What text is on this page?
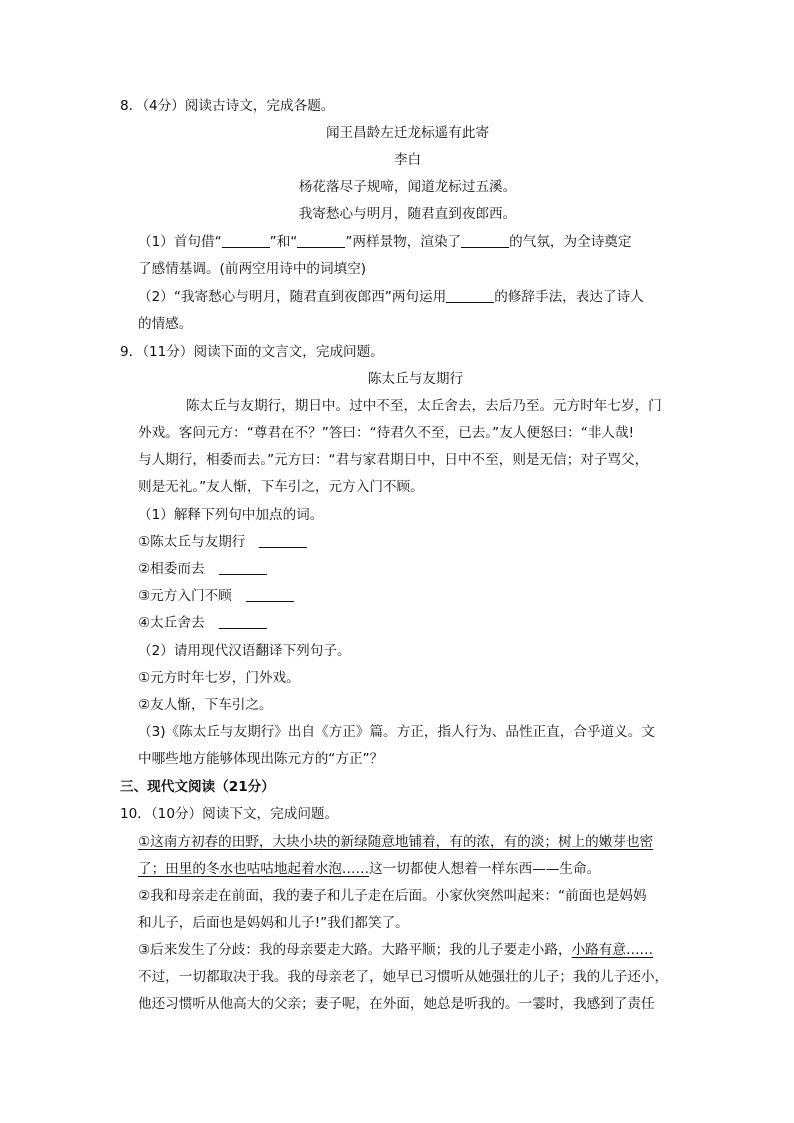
8．（4分）阅读古诗文，完成各题。
闻王昌龄左迁龙标遥有此寄
李白
杨花落尽子规啼，闻道龙标过五溪。
我寄愁心与明月，随君直到夜郎西。
（1）首句借“	”和“	”两样景物，渲染了	的气氛，为全诗奠定
了感情基调。(前两空用诗中的词填空)
（2）“我寄愁心与明月，随君直到夜郎西”两句运用	的修辞手法，表达了诗人
的情感。
9．（11分）阅读下面的文言文，完成问题。
陈太丘与友期行
陈太丘与友期行，期日中。过中不至，太丘舍去，去后乃至。元方时年七岁，门
外戏。客问元方：“尊君在不？”答曰：“待君久不至，已去。”友人便怒曰：“非人哉!
与人期行，相委而去。”元方曰：“君与家君期日中，日中不至，则是无信；对子骂父，
则是无礼。”友人惭，下车引之，元方入门不顾。
（1）解释下列句中加点的词。
①陈太丘与友期行
②相委而去
③元方入门不顾
④太丘舍去
（2）请用现代汉语翻译下列句子。
①元方时年七岁，门外戏。
②友人惭，下车引之。
（3)《陈太丘与友期行》出自《方正》篇。方正，指人行为、品性正直，合乎道义。文
中哪些地方能够体现出陈元方的“方正”？
三、现代文阅读（21分）
10．（10分）阅读下文，完成问题。
①这南方初春的田野，大块小块的新绿随意地铺着，有的浓，有的淡；树上的嫩芽也密
了；田里的冬水也咕咕地起着水泡……这一切都使人想着一样东西——生命。
②我和母亲走在前面，我的妻子和儿子走在后面。小家伙突然叫起来：“前面也是妈妈
和儿子，后面也是妈妈和儿子!”我们都笑了。
③后来发生了分歧：我的母亲要走大路。大路平顺；我的儿子要走小路，小路有意……
不过，一切都取决于我。我的母亲老了，她早已习惯听从她强壮的儿子；我的儿子还小，
他还习惯听从他高大的父亲；妻子呢，在外面，她总是听我的。一霎时，我感到了责任
